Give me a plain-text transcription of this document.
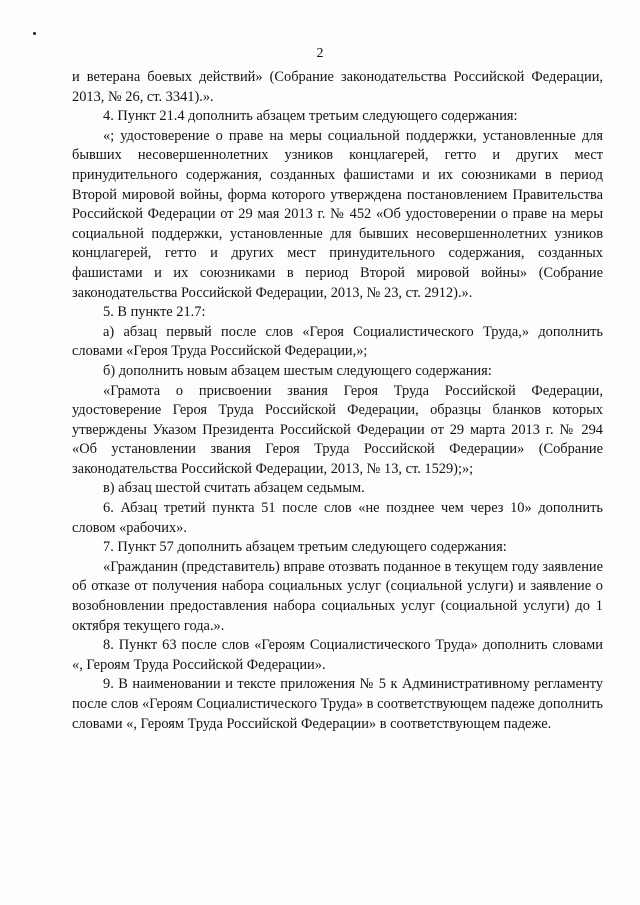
2

и ветерана боевых действий» (Собрание законодательства Российской Федерации, 2013, № 26, ст. 3341).».

4. Пункт 21.4 дополнить абзацем третьим следующего содержания:

«; удостоверение о праве на меры социальной поддержки, установленные для бывших несовершеннолетних узников концлагерей, гетто и других мест принудительного содержания, созданных фашистами и их союзниками в период Второй мировой войны, форма которого утверждена постановлением Правительства Российской Федерации от 29 мая 2013 г. № 452 «Об удостоверении о праве на меры социальной поддержки, установленные для бывших несовершеннолетних узников концлагерей, гетто и других мест принудительного содержания, созданных фашистами и их союзниками в период Второй мировой войны» (Собрание законодательства Российской Федерации, 2013, № 23, ст. 2912).».

5. В пункте 21.7:

а) абзац первый после слов «Героя Социалистического Труда,» дополнить словами «Героя Труда Российской Федерации,»;

б) дополнить новым абзацем шестым следующего содержания:

«Грамота о присвоении звания Героя Труда Российской Федерации, удостоверение Героя Труда Российской Федерации, образцы бланков которых утверждены Указом Президента Российской Федерации от 29 марта 2013 г. № 294 «Об установлении звания Героя Труда Российской Федерации» (Собрание законодательства Российской Федерации, 2013, № 13, ст. 1529);»;

в) абзац шестой считать абзацем седьмым.

6. Абзац третий пункта 51 после слов «не позднее чем через 10» дополнить словом «рабочих».

7. Пункт 57 дополнить абзацем третьим следующего содержания:

«Гражданин (представитель) вправе отозвать поданное в текущем году заявление об отказе от получения набора социальных услуг (социальной услуги) и заявление о возобновлении предоставления набора социальных услуг (социальной услуги) до 1 октября текущего года.».

8. Пункт 63 после слов «Героям Социалистического Труда» дополнить словами «, Героям Труда Российской Федерации».

9. В наименовании и тексте приложения № 5 к Административному регламенту после слов «Героям Социалистического Труда» в соответствующем падеже дополнить словами «, Героям Труда Российской Федерации» в соответствующем падеже.
